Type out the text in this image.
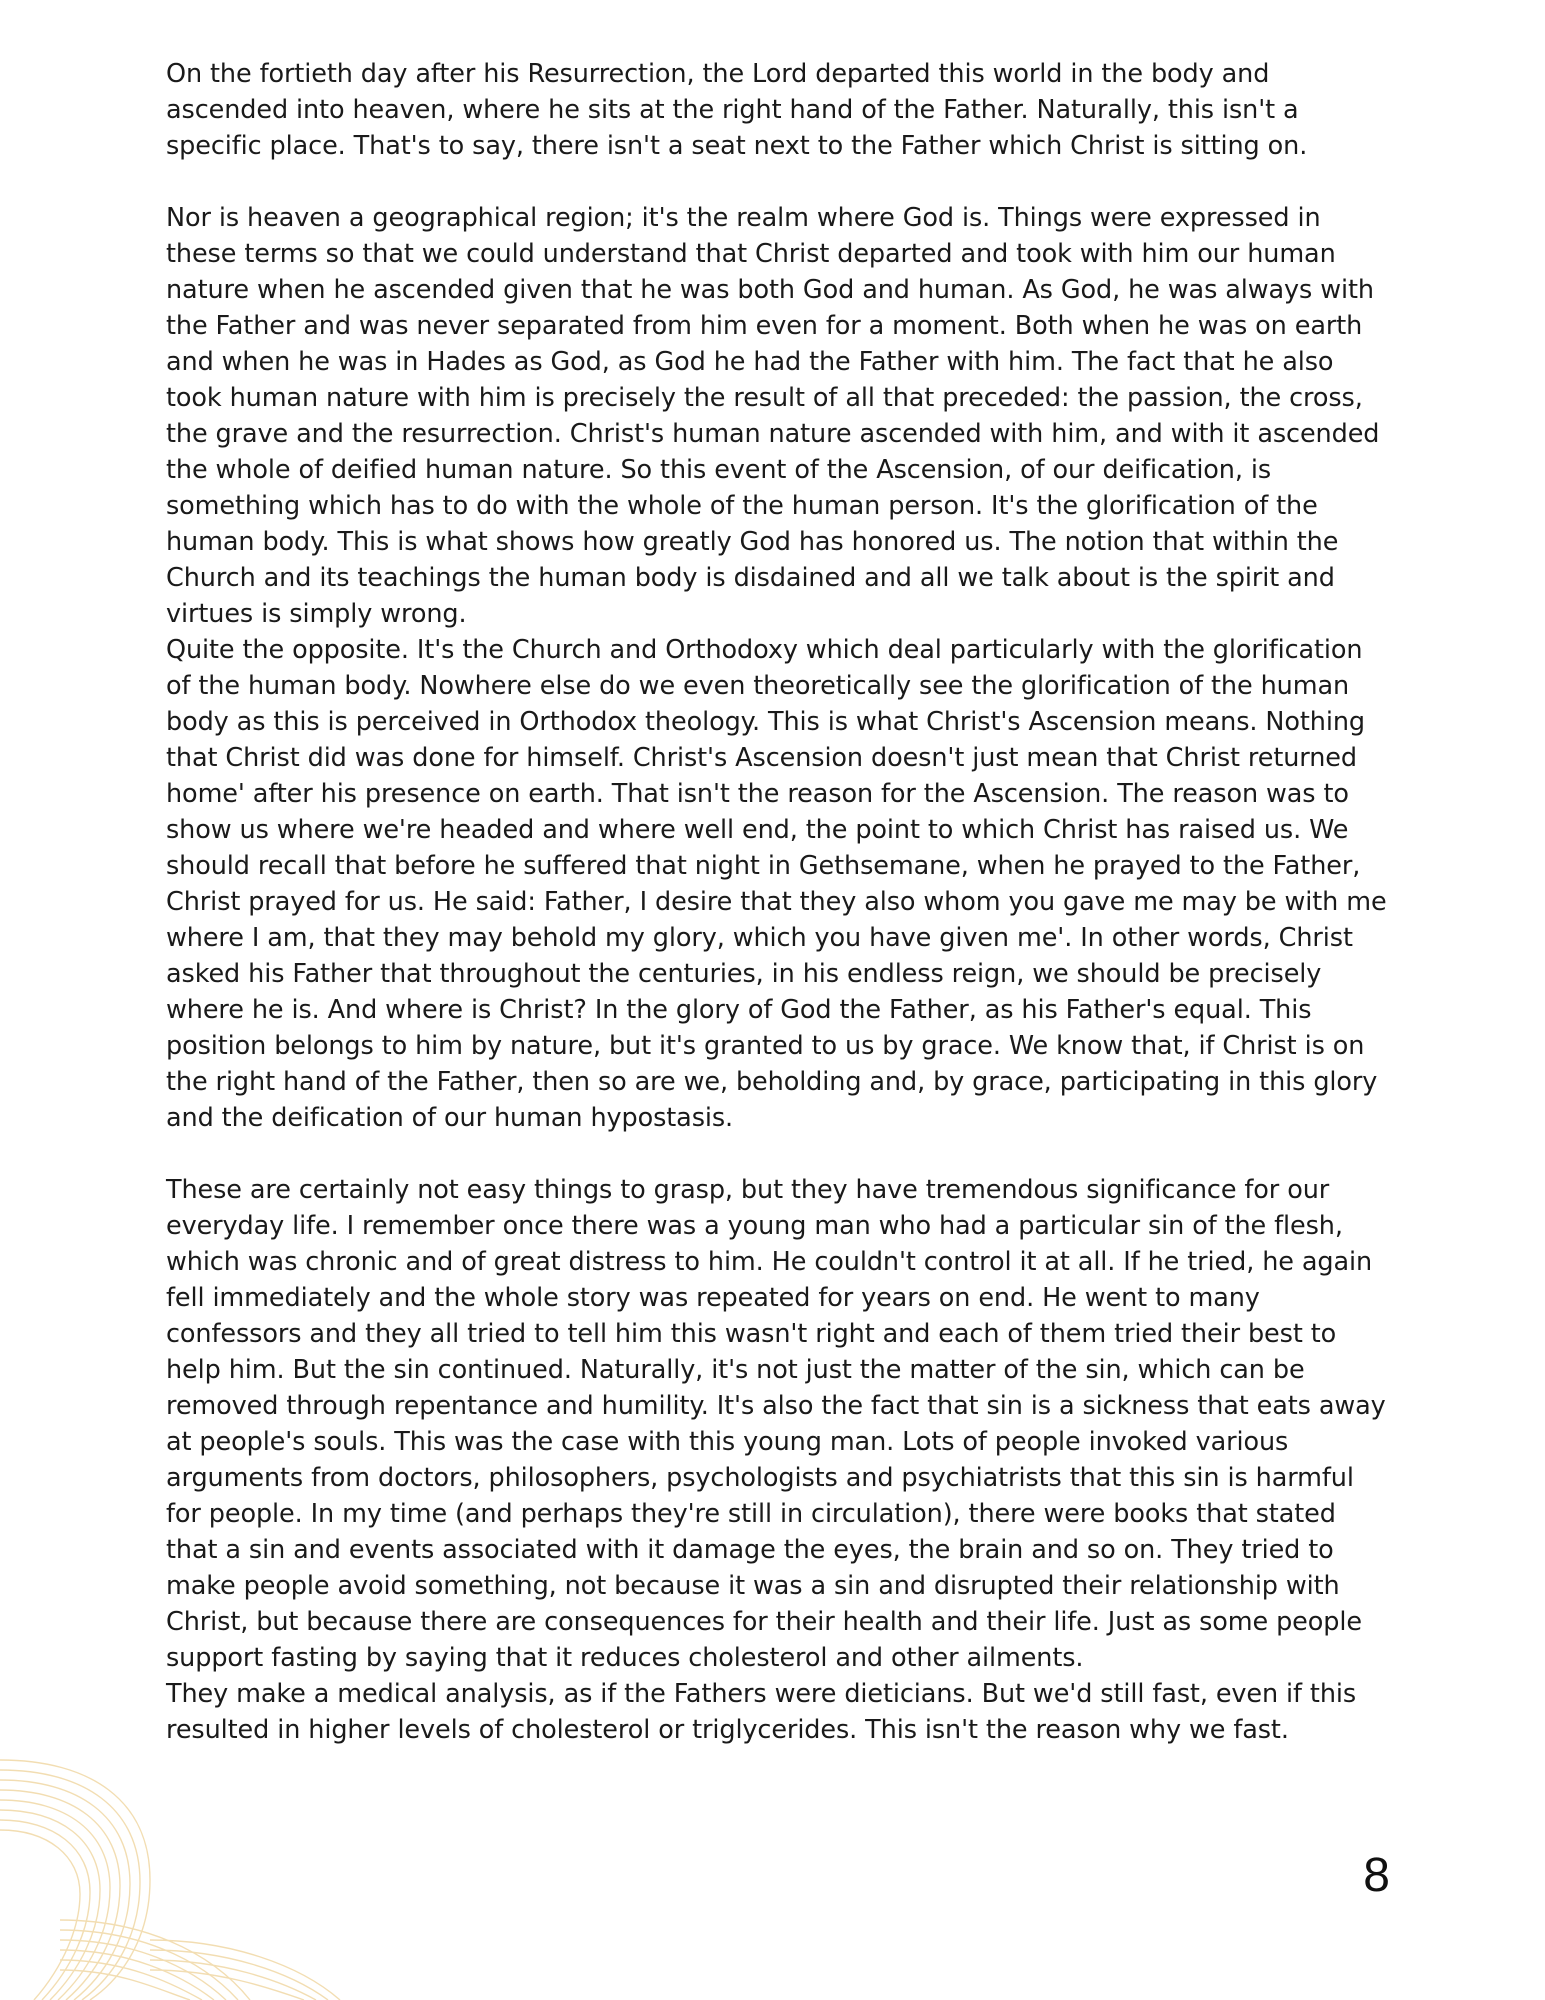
On the fortieth day after his Resurrection, the Lord departed this world in the body and ascended into heaven, where he sits at the right hand of the Father. Naturally, this isn't a specific place. That's to say, there isn't a seat next to the Father which Christ is sitting on.

Nor is heaven a geographical region; it's the realm where God is. Things were expressed in these terms so that we could understand that Christ departed and took with him our human nature when he ascended given that he was both God and human. As God, he was always with the Father and was never separated from him even for a moment. Both when he was on earth and when he was in Hades as God, as God he had the Father with him. The fact that he also took human nature with him is precisely the result of all that preceded: the passion, the cross, the grave and the resurrection. Christ's human nature ascended with him, and with it ascended the whole of deified human nature. So this event of the Ascension, of our deification, is something which has to do with the whole of the human person. It's the glorification of the human body. This is what shows how greatly God has honored us. The notion that within the Church and its teachings the human body is disdained and all we talk about is the spirit and virtues is simply wrong.

Quite the opposite. It's the Church and Orthodoxy which deal particularly with the glorification of the human body. Nowhere else do we even theoretically see the glorification of the human body as this is perceived in Orthodox theology. This is what Christ's Ascension means. Nothing that Christ did was done for himself. Christ's Ascension doesn't just mean that Christ returned home' after his presence on earth. That isn't the reason for the Ascension. The reason was to show us where we're headed and where well end, the point to which Christ has raised us. We should recall that before he suffered that night in Gethsemane, when he prayed to the Father, Christ prayed for us. He said: Father, I desire that they also whom you gave me may be with me where I am, that they may behold my glory, which you have given me'. In other words, Christ asked his Father that throughout the centuries, in his endless reign, we should be precisely where he is. And where is Christ? In the glory of God the Father, as his Father's equal. This position belongs to him by nature, but it's granted to us by grace. We know that, if Christ is on the right hand of the Father, then so are we, beholding and, by grace, participating in this glory and the deification of our human hypostasis.

These are certainly not easy things to grasp, but they have tremendous significance for our everyday life. I remember once there was a young man who had a particular sin of the flesh, which was chronic and of great distress to him. He couldn't control it at all. If he tried, he again fell immediately and the whole story was repeated for years on end. He went to many confessors and they all tried to tell him this wasn't right and each of them tried their best to help him. But the sin continued. Naturally, it's not just the matter of the sin, which can be removed through repentance and humility. It's also the fact that sin is a sickness that eats away at people's souls. This was the case with this young man. Lots of people invoked various arguments from doctors, philosophers, psychologists and psychiatrists that this sin is harmful for people. In my time (and perhaps they're still in circulation), there were books that stated that a sin and events associated with it damage the eyes, the brain and so on. They tried to make people avoid something, not because it was a sin and disrupted their relationship with Christ, but because there are consequences for their health and their life. Just as some people support fasting by saying that it reduces cholesterol and other ailments.

They make a medical analysis, as if the Fathers were dieticians. But we'd still fast, even if this resulted in higher levels of cholesterol or triglycerides. This isn't the reason why we fast.

8
